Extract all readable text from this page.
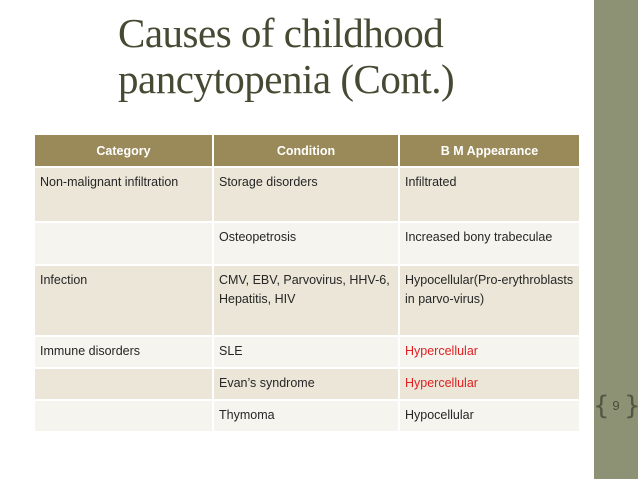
Causes of childhood
pancytopenia (Cont.)
Category	Condition	B M Appearance
Non-malignant infiltration	Storage disorders	Infiltrated
	Osteopetrosis	Increased bony trabeculae
Infection	CMV, EBV, Parvovirus, HHV-6, Hepatitis, HIV	Hypocellular(Pro-erythroblasts in parvo-virus)
Immune disorders	SLE	Hypercellular
	Evan’s syndrome	Hypercellular
	Thymoma	Hypocellular	{ 9 }
